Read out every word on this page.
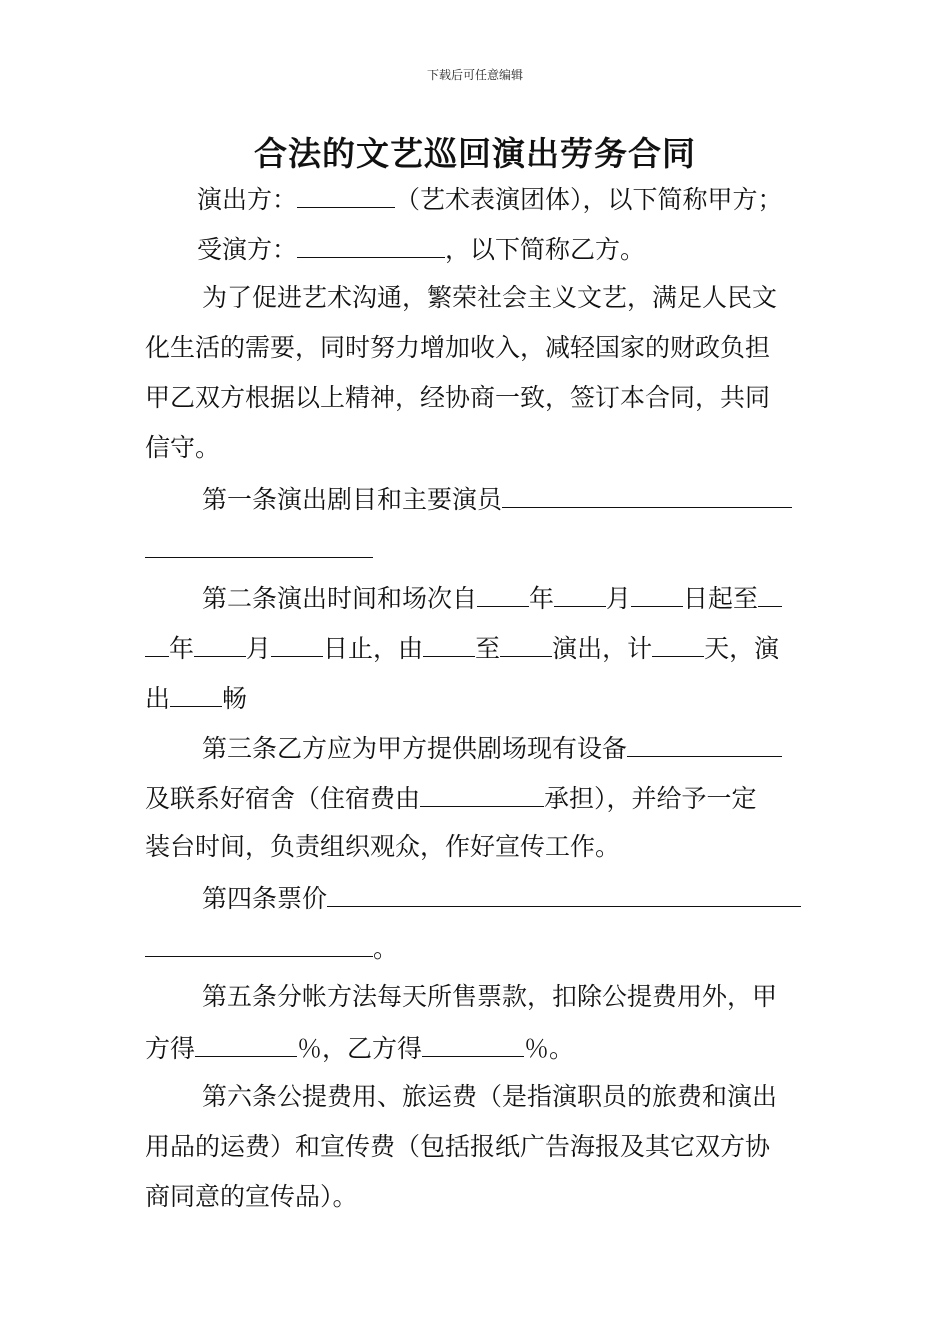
下载后可任意编辑
合法的文艺巡回演出劳务合同
演出方：	（艺术表演团体），以下简称甲方；
受演方：	，以下简称乙方。
为了促进艺术沟通，繁荣社会主义文艺，满足人民文
化生活的需要，同时努力增加收入，减轻国家的财政负担
甲乙双方根据以上精神，经协商一致，签订本合同，共同
信守。
第一条演出剧目和主要演员
第二条演出时间和场次自 年 月 日起至
年 月 日止，由 至 演出，计 天，演
出 畅
第三条乙方应为甲方提供剧场现有设备
及联系好宿舍（住宿费由	承担），并给予一定
装台时间，负责组织观众，作好宣传工作。
第四条票价
。
第五条分帐方法每天所售票款，扣除公提费用外，甲
方得	％，乙方得	％。
第六条公提费用、旅运费（是指演职员的旅费和演出
用品的运费）和宣传费（包括报纸广告海报及其它双方协
商同意的宣传品）。
